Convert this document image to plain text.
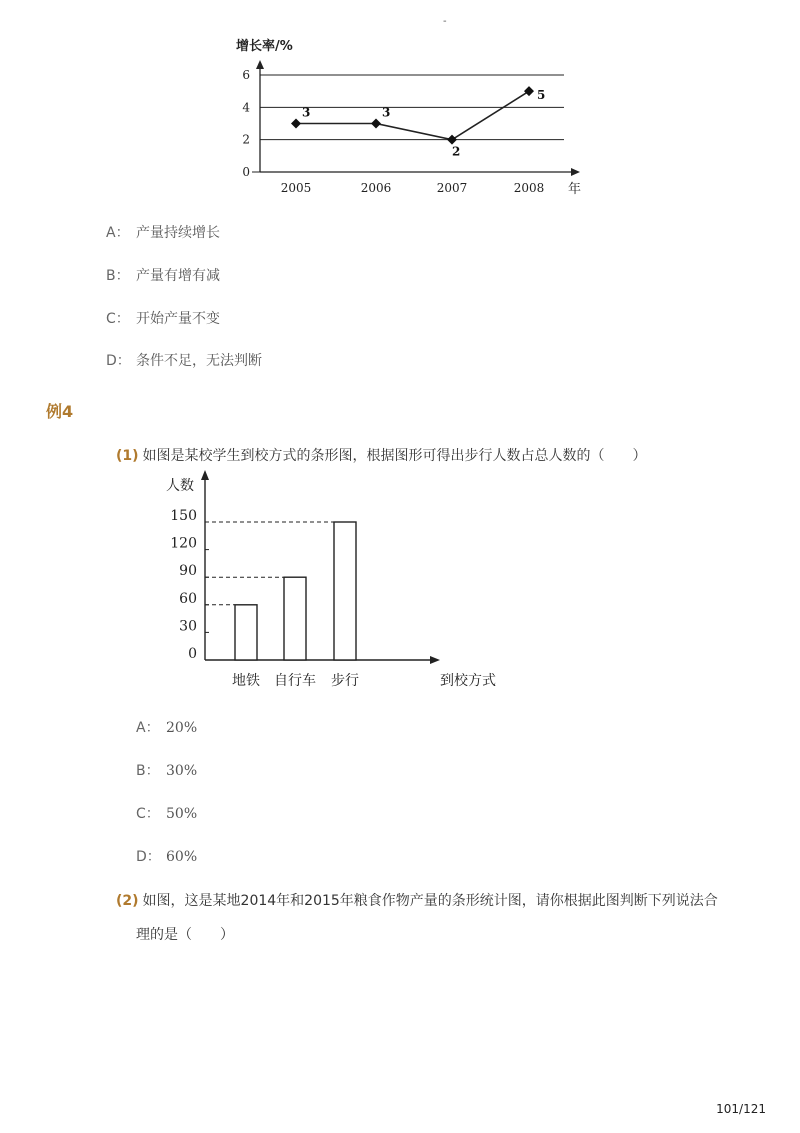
-
增长率/%
年
0
2
4
6
2005	2006	2007	2008
3	3
2
5
A： 产量持续增长
B： 产量有增有减
C： 开始产量不变
D： 条件不足，无法判断
例4
(1) 如图是某校学生到校方式的条形图，根据图形可得出步行人数占总人数的（　　）
人数
到校方式
0
30
60
90
120
150
地铁 自行车 步行
A： 20%
B： 30%
C： 50%
D： 60%
(2) 如图，这是某地2014年和2015年粮食作物产量的条形统计图，请你根据此图判断下列说法合
理的是（　　）
101/121
